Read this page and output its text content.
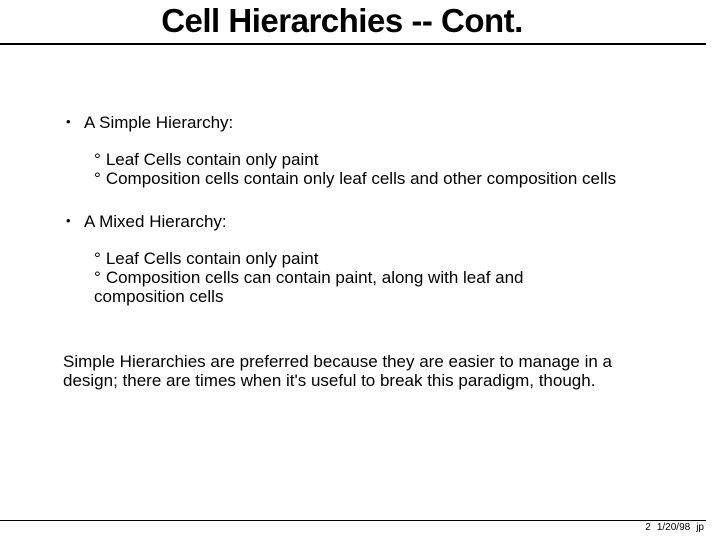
Cell Hierarchies -- Cont.
• A Simple Hierarchy:
° Leaf Cells contain only paint
° Composition cells contain only leaf cells and other composition cells
• A Mixed Hierarchy:
° Leaf Cells contain only paint
° Composition cells can contain paint, along with leaf and
composition cells
Simple Hierarchies are preferred because they are easier to manage in a
design; there are times when it's useful to break this paradigm, though.
2 1/20/98 jp
